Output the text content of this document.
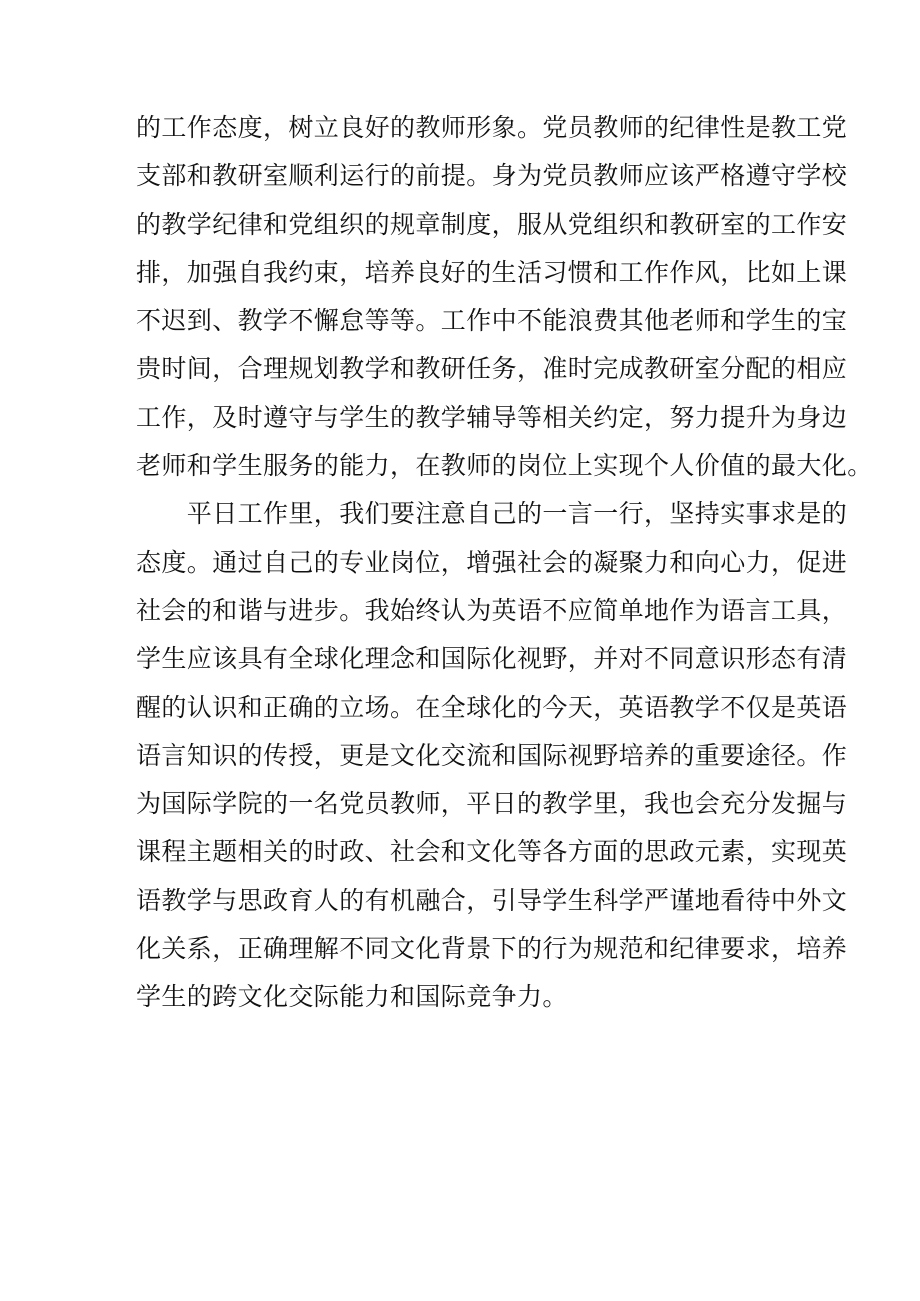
的工作态度，树立良好的教师形象。党员教师的纪律性是教工党
支部和教研室顺利运行的前提。身为党员教师应该严格遵守学校
的教学纪律和党组织的规章制度，服从党组织和教研室的工作安
排，加强自我约束，培养良好的生活习惯和工作作风，比如上课
不迟到、教学不懈怠等等。工作中不能浪费其他老师和学生的宝
贵时间，合理规划教学和教研任务，准时完成教研室分配的相应
工作，及时遵守与学生的教学辅导等相关约定，努力提升为身边
老师和学生服务的能力，在教师的岗位上实现个人价值的最大化。
　　平日工作里，我们要注意自己的一言一行，坚持实事求是的
态度。通过自己的专业岗位，增强社会的凝聚力和向心力，促进
社会的和谐与进步。我始终认为英语不应简单地作为语言工具，
学生应该具有全球化理念和国际化视野，并对不同意识形态有清
醒的认识和正确的立场。在全球化的今天，英语教学不仅是英语
语言知识的传授，更是文化交流和国际视野培养的重要途径。作
为国际学院的一名党员教师，平日的教学里，我也会充分发掘与
课程主题相关的时政、社会和文化等各方面的思政元素，实现英
语教学与思政育人的有机融合，引导学生科学严谨地看待中外文
化关系，正确理解不同文化背景下的行为规范和纪律要求，培养
学生的跨文化交际能力和国际竞争力。
